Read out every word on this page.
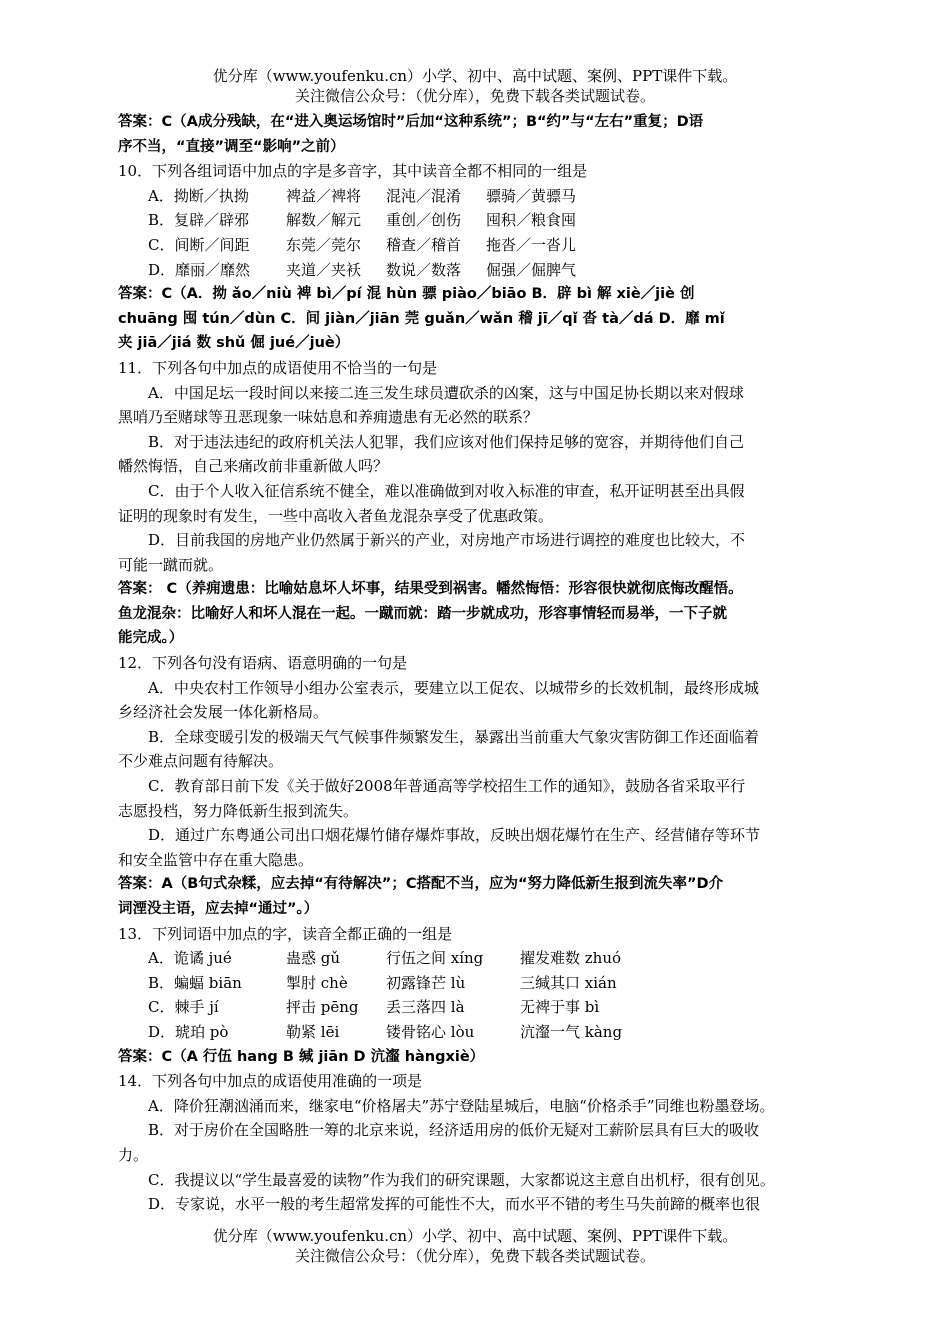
优分库（www.youfenku.cn）小学、初中、高中试题、案例、PPT课件下载。
关注微信公众号：（优分库），免费下载各类试题试卷。
答案：C（A成分残缺，在“进入奥运场馆时”后加“这种系统”；B“约”与“左右”重复；D语
序不当，“直接”调至“影响”之前）
10．下列各组词语中加点的字是多音字，其中读音全都不相同的一组是
A．拗断／执拗	裨益／裨将	混沌／混淆	骠骑／黄骠马
B．复辟／辟邪	解数／解元	重创／创伤	囤积／粮食囤
C．间断／间距	东莞／莞尔	稽查／稽首	拖沓／一沓儿
D．靡丽／靡然	夹道／夹袄	数说／数落	倔强／倔脾气
答案：C（A．拗 ǎo／niù 裨 bì／pí 混 hùn 骠 piào／biāo B．辟 bì 解 xiè／jiè 创
chuāng 囤 tún／dùn C．间 jiàn／jiān 莞 guǎn／wǎn 稽 jī／qǐ 沓 tà／dá D．靡 mǐ
夹 jiā／jiá 数 shǔ 倔 jué／juè）
11．下列各句中加点的成语使用不恰当的一句是
A．中国足坛一段时间以来接二连三发生球员遭砍杀的凶案，这与中国足协长期以来对假球
黑哨乃至赌球等丑恶现象一味姑息和养痈遗患有无必然的联系？
B．对于违法违纪的政府机关法人犯罪，我们应该对他们保持足够的宽容，并期待他们自己
幡然悔悟，自己来痛改前非重新做人吗？
C．由于个人收入征信系统不健全，难以准确做到对收入标准的审查，私开证明甚至出具假
证明的现象时有发生，一些中高收入者鱼龙混杂享受了优惠政策。
D．目前我国的房地产业仍然属于新兴的产业，对房地产市场进行调控的难度也比较大，不
可能一蹴而就。
答案： C（养痈遗患：比喻姑息坏人坏事，结果受到祸害。幡然悔悟：形容很快就彻底悔改醒悟。
鱼龙混杂：比喻好人和坏人混在一起。一蹴而就：踏一步就成功，形容事情轻而易举，一下子就
能完成。）
12．下列各句没有语病、语意明确的一句是
A．中央农村工作领导小组办公室表示，要建立以工促农、以城带乡的长效机制，最终形成城
乡经济社会发展一体化新格局。
B．全球变暖引发的极端天气气候事件频繁发生，暴露出当前重大气象灾害防御工作还面临着
不少难点问题有待解决。
C．教育部日前下发《关于做好2008年普通高等学校招生工作的通知》，鼓励各省采取平行
志愿投档，努力降低新生报到流失。
D．通过广东粤通公司出口烟花爆竹储存爆炸事故，反映出烟花爆竹在生产、经营储存等环节
和安全监管中存在重大隐患。
答案：A（B句式杂糅，应去掉“有待解决”；C搭配不当，应为“努力降低新生报到流失率”D介
词湮没主语，应去掉“通过”。）
13．下列词语中加点的字，读音全都正确的一组是
A．诡谲 jué	蛊惑 gǔ	行伍之间 xíng	擢发难数 zhuó
B．蝙蝠 biān	掣肘 chè	初露锋芒 lù	三缄其口 xián
C．棘手 jí	抨击 pēng	丢三落四 là	无裨于事 bì
D．琥珀 pò	勒紧 lēi	镂骨铭心 lòu	沆瀣一气 kàng
答案：C（A 行伍 hang B 缄 jiān D 沆瀣 hàngxiè）
14．下列各句中加点的成语使用准确的一项是
A．降价狂潮汹涌而来，继家电“价格屠夫”苏宁登陆星城后，电脑“价格杀手”同维也粉墨登场。
B．对于房价在全国略胜一筹的北京来说，经济适用房的低价无疑对工薪阶层具有巨大的吸收
力。
C．我提议以“学生最喜爱的读物”作为我们的研究课题，大家都说这主意自出机杼，很有创见。
D．专家说，水平一般的考生超常发挥的可能性不大，而水平不错的考生马失前蹄的概率也很
优分库（www.youfenku.cn）小学、初中、高中试题、案例、PPT课件下载。
关注微信公众号：（优分库），免费下载各类试题试卷。
